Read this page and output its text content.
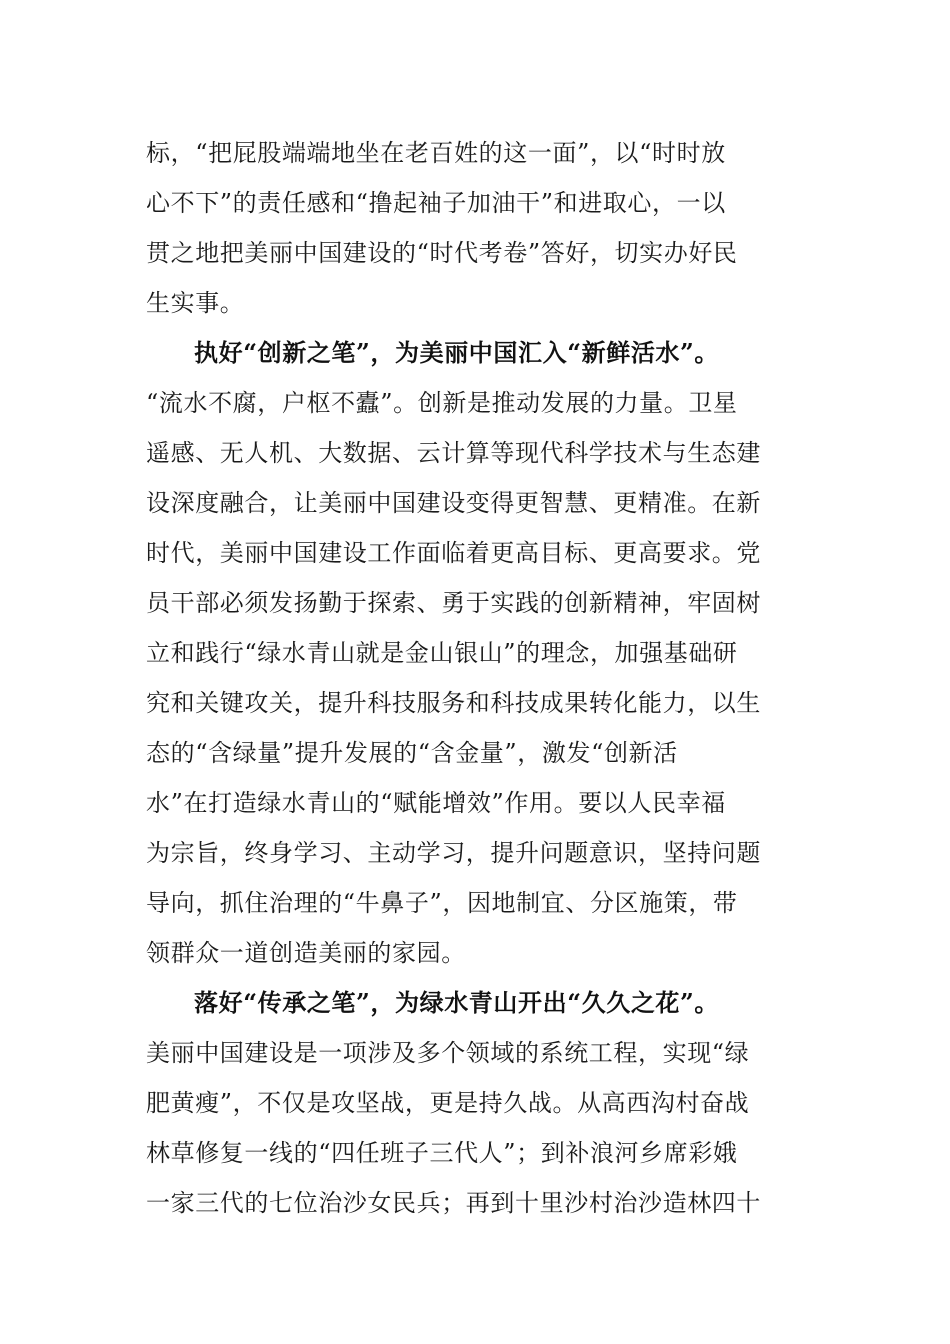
标，“把屁股端端地坐在老百姓的这一面”，以“时时放
心不下”的责任感和“撸起袖子加油干”和进取心，一以
贯之地把美丽中国建设的“时代考卷”答好，切实办好民
生实事。
执好“创新之笔”，为美丽中国汇入“新鲜活水”。
“流水不腐，户枢不蠹”。创新是推动发展的力量。卫星
遥感、无人机、大数据、云计算等现代科学技术与生态建
设深度融合，让美丽中国建设变得更智慧、更精准。在新
时代，美丽中国建设工作面临着更高目标、更高要求。党
员干部必须发扬勤于探索、勇于实践的创新精神，牢固树
立和践行“绿水青山就是金山银山”的理念，加强基础研
究和关键攻关，提升科技服务和科技成果转化能力，以生
态的“含绿量”提升发展的“含金量”，激发“创新活
水”在打造绿水青山的“赋能增效”作用。要以人民幸福
为宗旨，终身学习、主动学习，提升问题意识，坚持问题
导向，抓住治理的“牛鼻子”，因地制宜、分区施策，带
领群众一道创造美丽的家园。
落好“传承之笔”，为绿水青山开出“久久之花”。
美丽中国建设是一项涉及多个领域的系统工程，实现“绿
肥黄瘦”，不仅是攻坚战，更是持久战。从高西沟村奋战
林草修复一线的“四任班子三代人”；到补浪河乡席彩娥
一家三代的七位治沙女民兵；再到十里沙村治沙造林四十
